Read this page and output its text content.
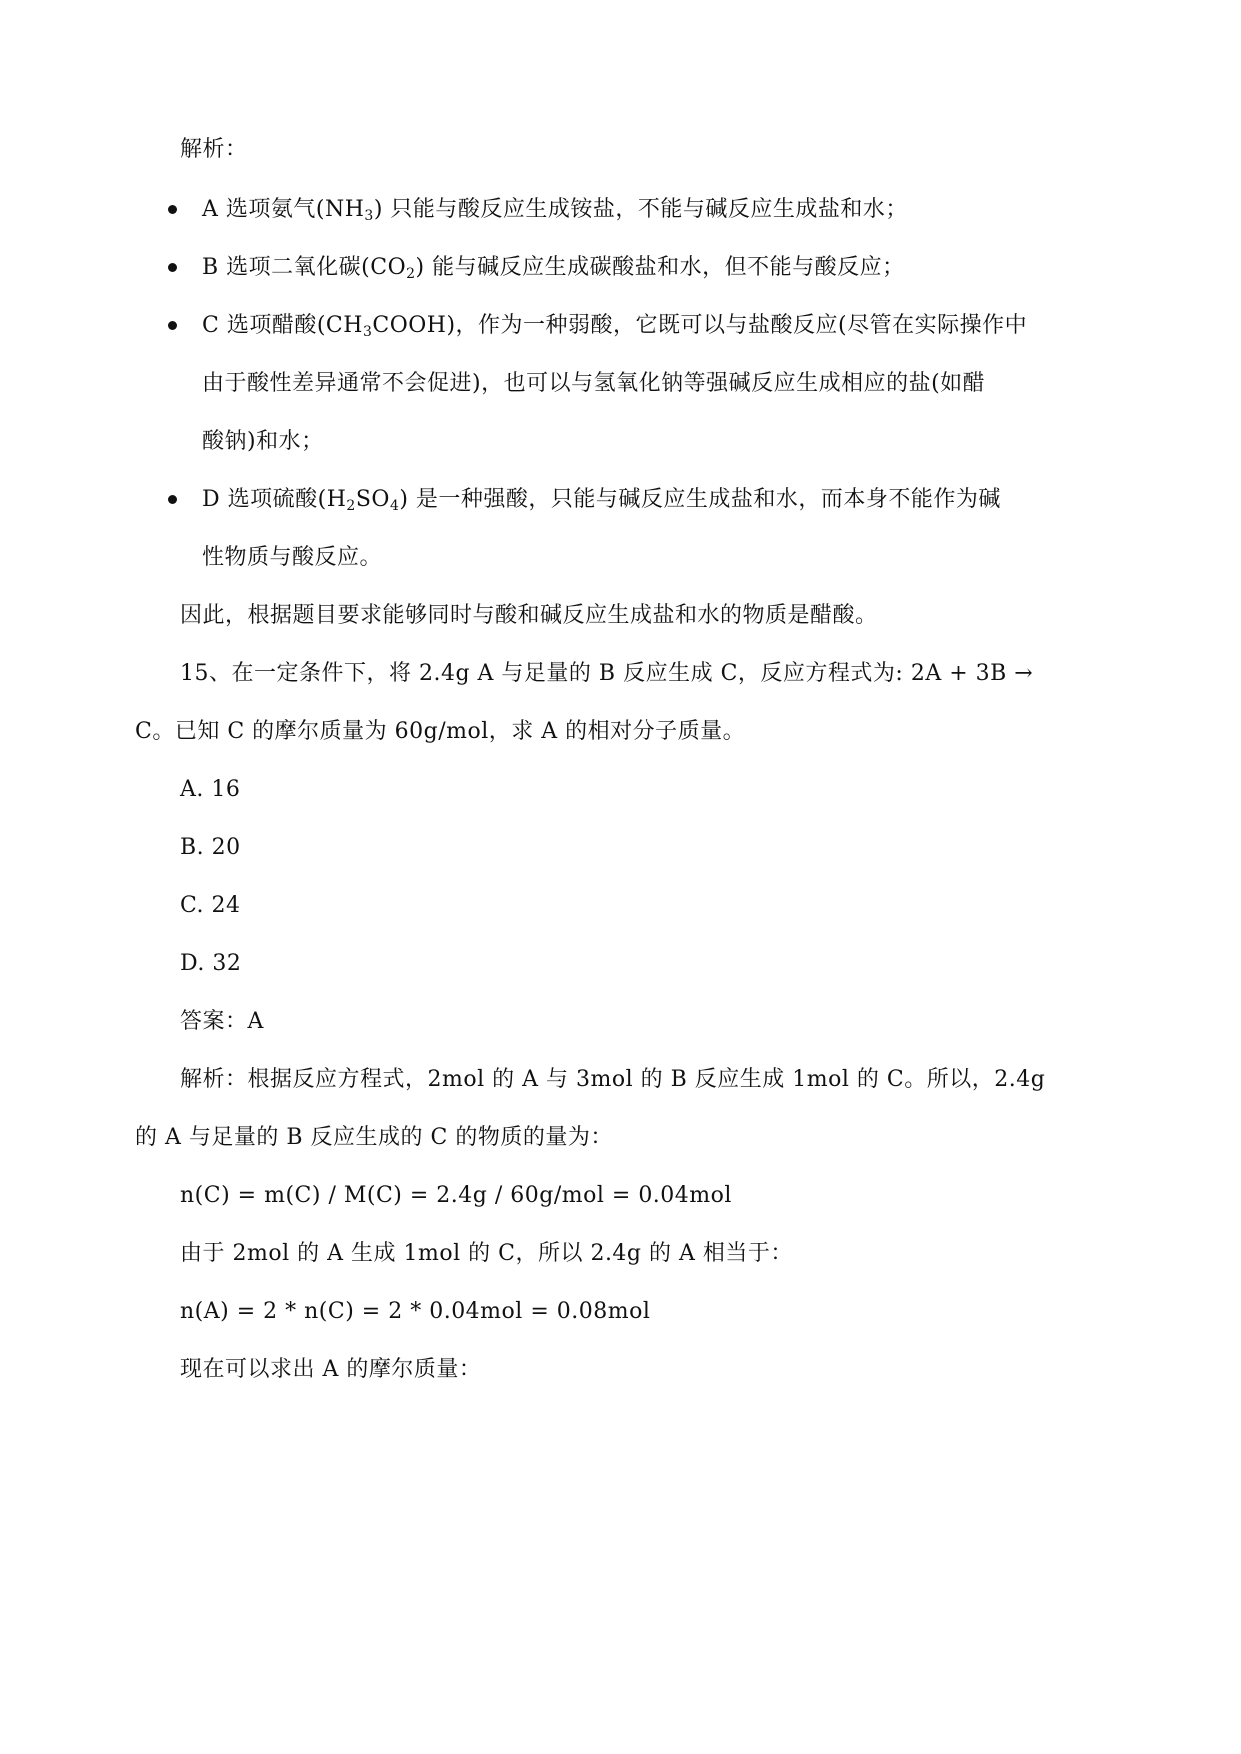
解析：
A 选项氨气$(NH_3)$ 只能与酸反应生成铵盐，不能与碱反应生成盐和水；
B 选项二氧化碳$(CO_2)$ 能与碱反应生成碳酸盐和水，但不能与酸反应；
C 选项醋酸$(CH_3COOH)$，作为一种弱酸，它既可以与盐酸反应(尽管在实际操作中
由于酸性差异通常不会促进)，也可以与氢氧化钠等强碱反应生成相应的盐(如醋
酸钠)和水；
D 选项硫酸$(H_2SO_4)$ 是一种强酸，只能与碱反应生成盐和水，而本身不能作为碱
性物质与酸反应。
因此，根据题目要求能够同时与酸和碱反应生成盐和水的物质是醋酸。
15、在一定条件下，将 2.4g A 与足量的 B 反应生成 C，反应方程式为: 2A + 3B →
C。已知 C 的摩尔质量为 60g/mol，求 A 的相对分子质量。
A. 16
B. 20
C. 24
D. 32
答案：A
解析：根据反应方程式，2mol 的 A 与 3mol 的 B 反应生成 1mol 的 C。所以，2.4g
的 A 与足量的 B 反应生成的 C 的物质的量为：
n(C) = m(C) / M(C) = 2.4g / 60g/mol = 0.04mol
由于 2mol 的 A 生成 1mol 的 C，所以 2.4g 的 A 相当于：
n(A) = 2 * n(C) = 2 * 0.04mol = 0.08mol
现在可以求出 A 的摩尔质量：
